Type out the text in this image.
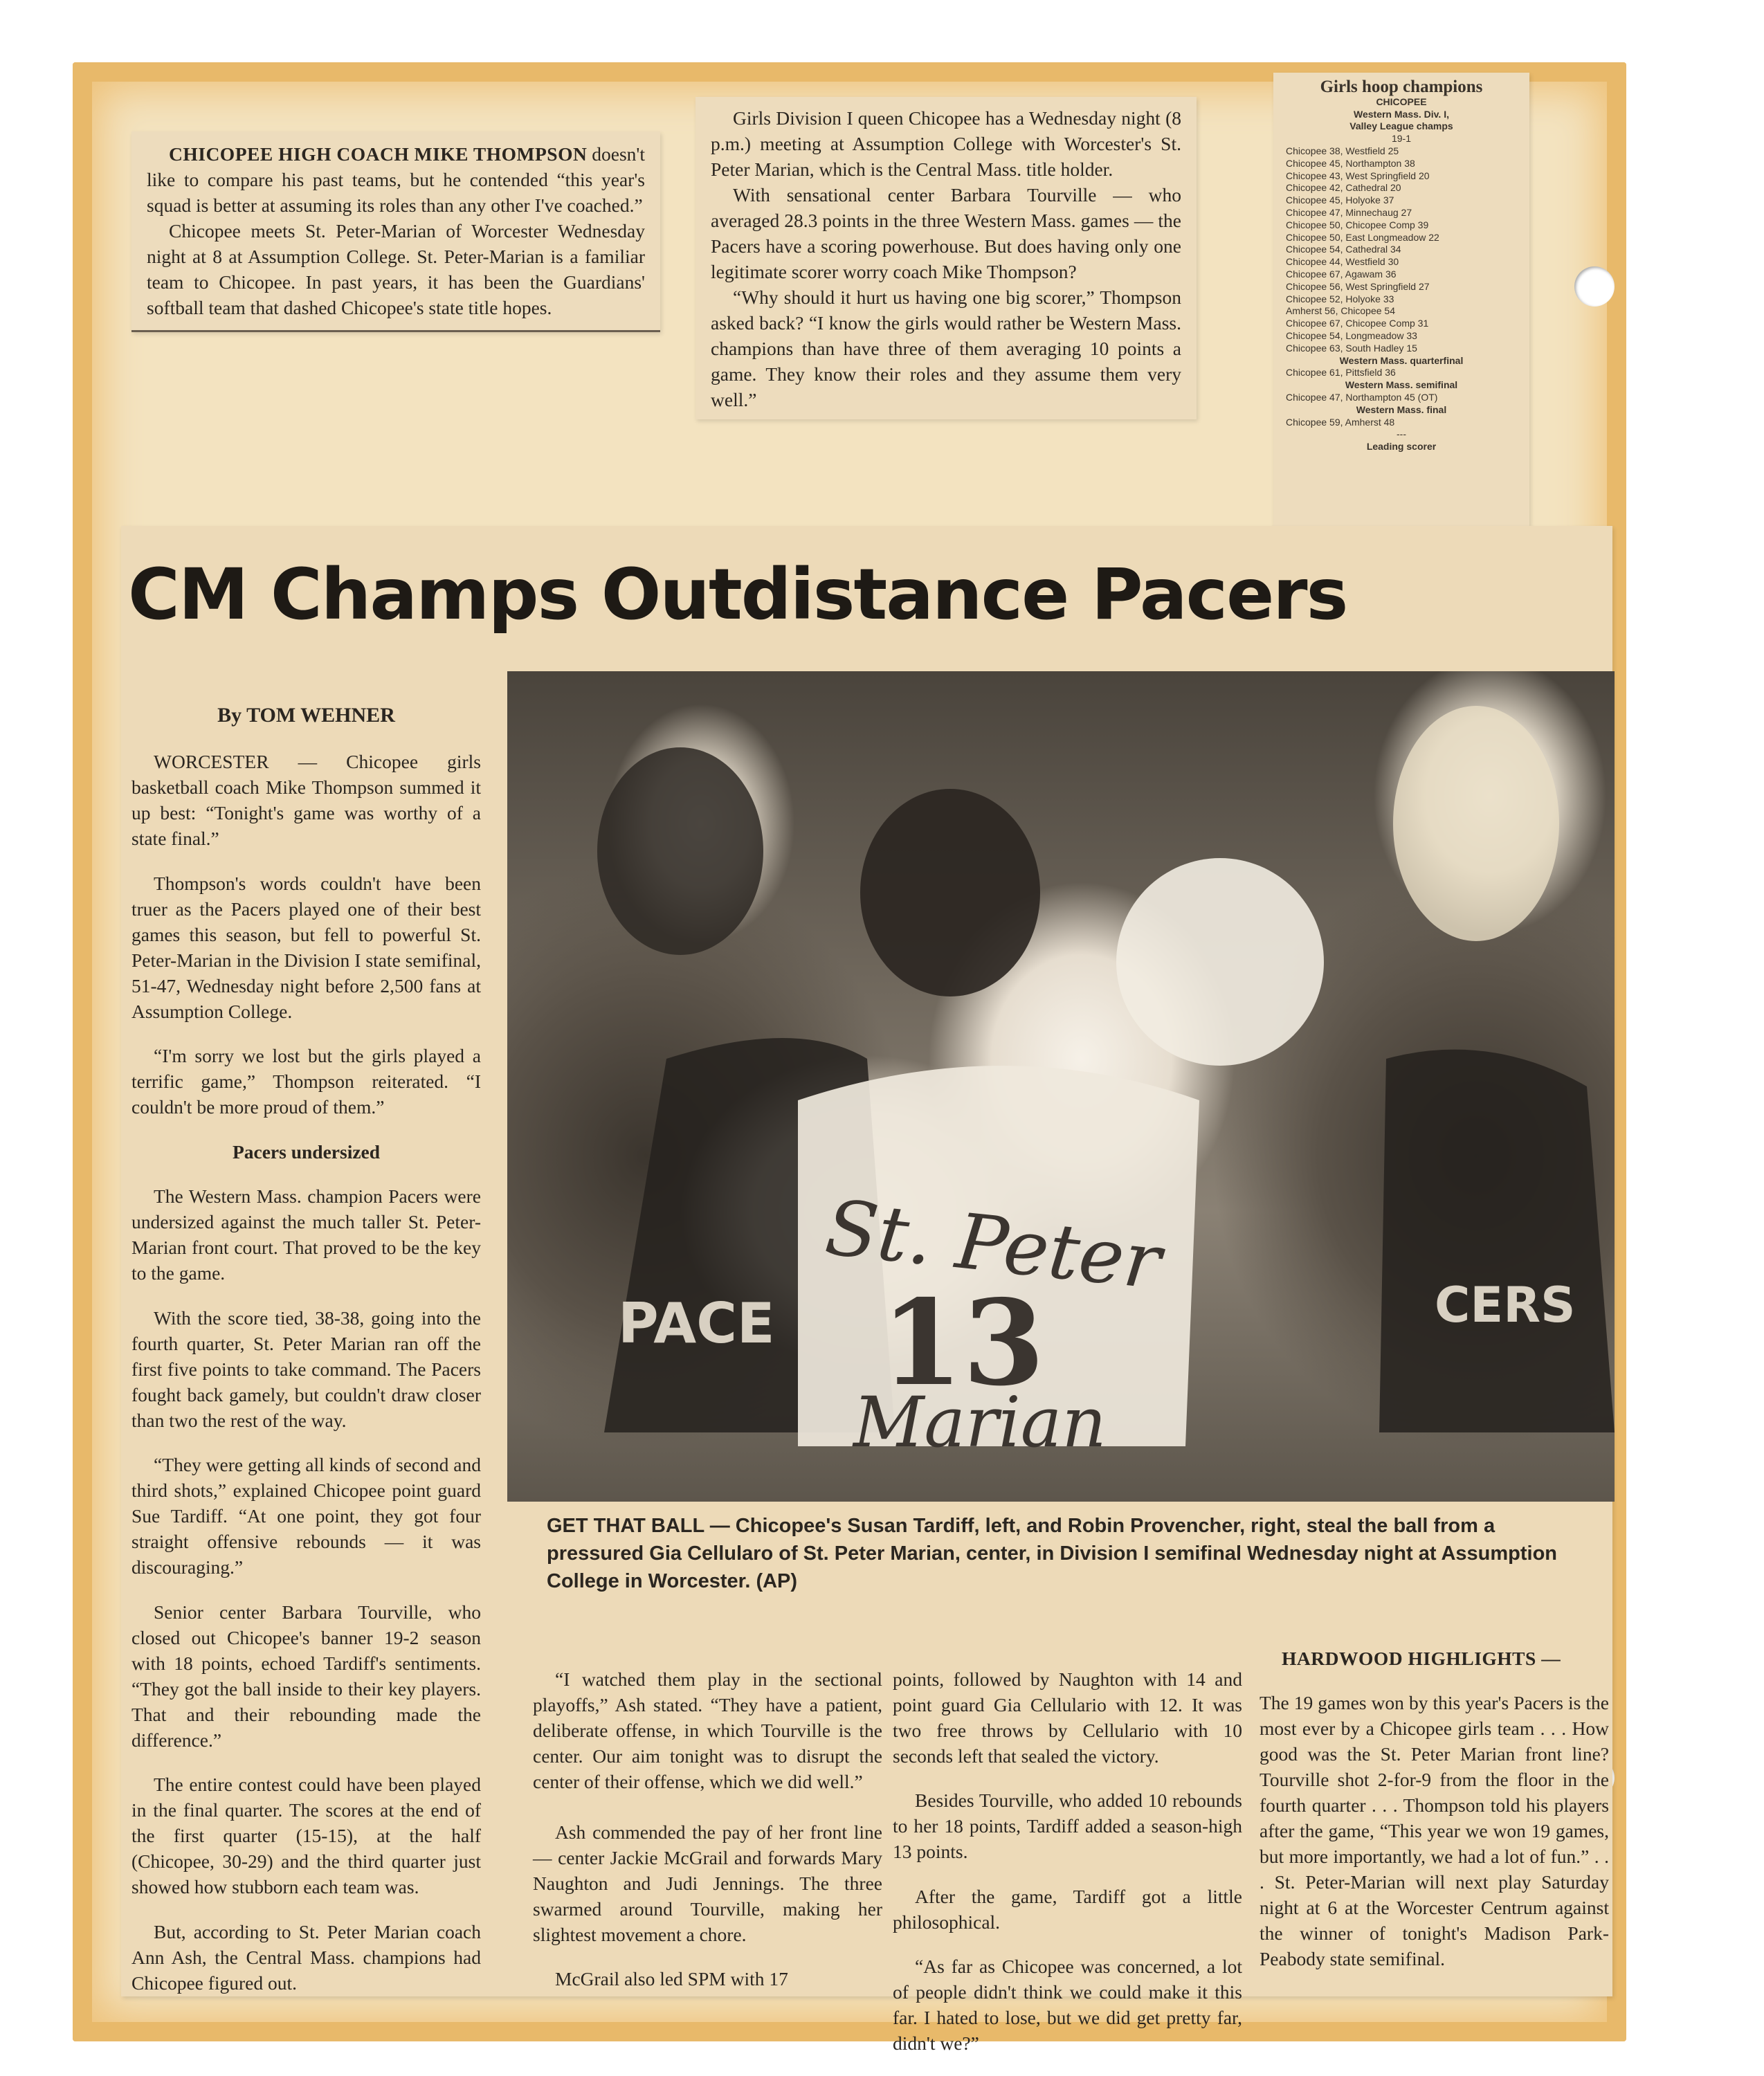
CHICOPEE HIGH COACH MIKE THOMPSON doesn't like to compare his past teams, but he contended “this year's squad is better at assuming its roles than any other I've coached.”

Chicopee meets St. Peter-Marian of Worcester Wednesday night at 8 at Assumption College. St. Peter-Marian is a familiar team to Chicopee. In past years, it has been the Guardians' softball team that dashed Chicopee's state title hopes.

Girls Division I queen Chicopee has a Wednesday night (8 p.m.) meeting at Assumption College with Worcester's St. Peter Marian, which is the Central Mass. title holder.

With sensational center Barbara Tourville — who averaged 28.3 points in the three Western Mass. games — the Pacers have a scoring powerhouse. But does having only one legitimate scorer worry coach Mike Thompson?

“Why should it hurt us having one big scorer,” Thompson asked back? “I know the girls would rather be Western Mass. champions than have three of them averaging 10 points a game. They know their roles and they assume them very well.”

Girls hoop champions
CHICOPEE
Western Mass. Div. I,
Valley League champs
19-1
Chicopee 38, Westfield 25
Chicopee 45, Northampton 38
Chicopee 43, West Springfield 20
Chicopee 42, Cathedral 20
Chicopee 45, Holyoke 37
Chicopee 47, Minnechaug 27
Chicopee 50, Chicopee Comp 39
Chicopee 50, East Longmeadow 22
Chicopee 54, Cathedral 34
Chicopee 44, Westfield 30
Chicopee 67, Agawam 36
Chicopee 56, West Springfield 27
Chicopee 52, Holyoke 33
Amherst 56, Chicopee 54
Chicopee 67, Chicopee Comp 31
Chicopee 54, Longmeadow 33
Chicopee 63, South Hadley 15
Western Mass. quarterfinal
Chicopee 61, Pittsfield 36
Western Mass. semifinal
Chicopee 47, Northampton 45 (OT)
Western Mass. final
Chicopee 59, Amherst 48
---
Leading scorer
CM Champs Outdistance Pacers

By TOM WEHNER

WORCESTER — Chicopee girls basketball coach Mike Thompson summed it up best: “Tonight's game was worthy of a state final.”

Thompson's words couldn't have been truer as the Pacers played one of their best games this season, but fell to powerful St. Peter-Marian in the Division I state semifinal, 51-47, Wednesday night before 2,500 fans at Assumption College.

“I'm sorry we lost but the girls played a terrific game,” Thompson reiterated. “I couldn't be more proud of them.”

Pacers undersized

The Western Mass. champion Pacers were undersized against the much taller St. Peter-Marian front court. That proved to be the key to the game.

With the score tied, 38-38, going into the fourth quarter, St. Peter Marian ran off the first five points to take command. The Pacers fought back gamely, but couldn't draw closer than two the rest of the way.

“They were getting all kinds of second and third shots,” explained Chicopee point guard Sue Tardiff. “At one point, they got four straight offensive rebounds — it was discouraging.”

Senior center Barbara Tourville, who closed out Chicopee's banner 19-2 season with 18 points, echoed Tardiff's sentiments. “They got the ball inside to their key players. That and their rebounding made the difference.”

The entire contest could have been played in the final quarter. The scores at the end of the first quarter (15-15), at the half (Chicopee, 30-29) and the third quarter just showed how stubborn each team was.

But, according to St. Peter Marian coach Ann Ash, the Central Mass. champions had Chicopee figured out.

St. Peter
13
Marian
PACE	CERS
GET THAT BALL — Chicopee's Susan Tardiff, left, and Robin Provencher, right, steal the ball from a pressured Gia Cellularo of St. Peter Marian, center, in Division I semifinal Wednesday night at Assumption College in Worcester. (AP)

“I watched them play in the sectional playoffs,” Ash stated. “They have a patient, deliberate offense, in which Tourville is the center. Our aim tonight was to disrupt the center of their offense, which we did well.”

Ash commended the pay of her front line — center Jackie McGrail and forwards Mary Naughton and Judi Jennings. The three swarmed around Tourville, making her slightest movement a chore.

McGrail also led SPM with 17

points, followed by Naughton with 14 and point guard Gia Cellulario with 12. It was two free throws by Cellulario with 10 seconds left that sealed the victory.

Besides Tourville, who added 10 rebounds to her 18 points, Tardiff added a season-high 13 points.

After the game, Tardiff got a little philosophical.

“As far as Chicopee was concerned, a lot of people didn't think we could make it this far. I hated to lose, but we did get pretty far, didn't we?”

HARDWOOD HIGHLIGHTS —

The 19 games won by this year's Pacers is the most ever by a Chicopee girls team . . . How good was the St. Peter Marian front line? Tourville shot 2-for-9 from the floor in the fourth quarter . . . Thompson told his players after the game, “This year we won 19 games, but more importantly, we had a lot of fun.” . . . St. Peter-Marian will next play Saturday night at 6 at the Worcester Centrum against the winner of tonight's Madison Park-Peabody state semifinal.
